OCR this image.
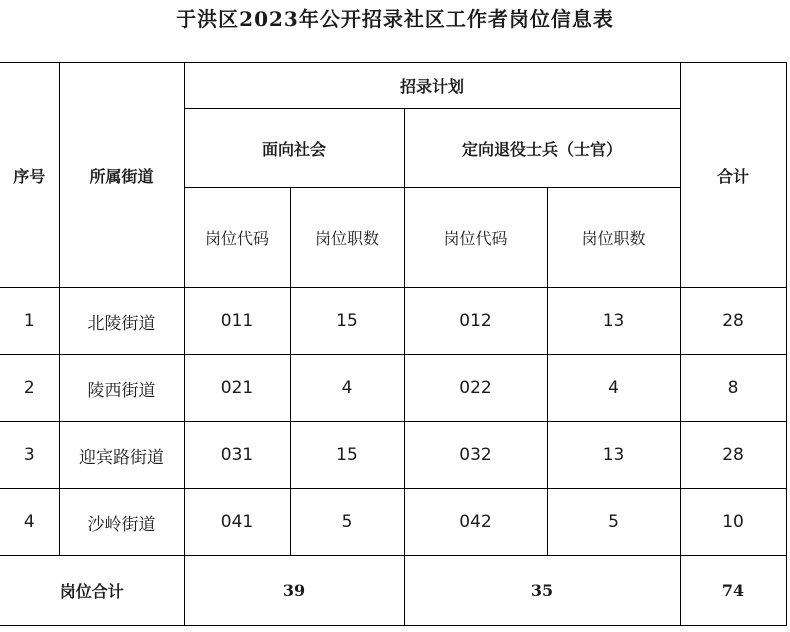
于洪区2023年公开招录社区工作者岗位信息表
序号	所属街道	招录计划				合计
		面向社会		定向退役士兵（士官）		
		岗位代码	岗位职数	岗位代码	岗位职数	
1	北陵街道	011	15	012	13	28
2	陵西街道	021	4	022	4	8
3	迎宾路街道	031	15	032	13	28
4	沙岭街道	041	5	042	5	10
岗位合计		39		35		74
